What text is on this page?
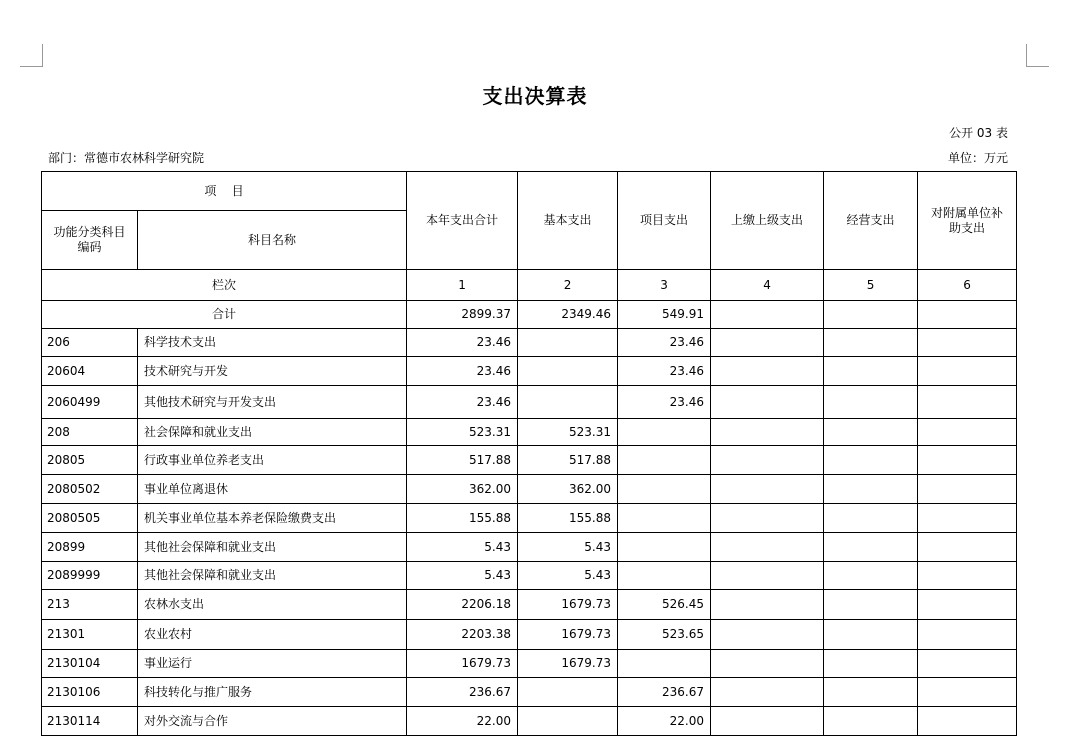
支出决算表
公开 03 表
部门：常德市农林科学研究院	单位：万元
项    目		本年支出合计	基本支出	项目支出	上缴上级支出	经营支出	对附属单位补助支出
功能分类科目编码	科目名称						
栏次		1	2	3	4	5	6
合计		2899.37	2349.46	549.91			
206	科学技术支出	23.46		23.46			
20604	技术研究与开发	23.46		23.46			
2060499	其他技术研究与开发支出	23.46		23.46			
208	社会保障和就业支出	523.31	523.31				
20805	行政事业单位养老支出	517.88	517.88				
2080502	事业单位离退休	362.00	362.00				
2080505	机关事业单位基本养老保险缴费支出	155.88	155.88				
20899	其他社会保障和就业支出	5.43	5.43				
2089999	其他社会保障和就业支出	5.43	5.43				
213	农林水支出	2206.18	1679.73	526.45			
21301	农业农村	2203.38	1679.73	523.65			
2130104	事业运行	1679.73	1679.73				
2130106	科技转化与推广服务	236.67		236.67			
2130114	对外交流与合作	22.00		22.00			
